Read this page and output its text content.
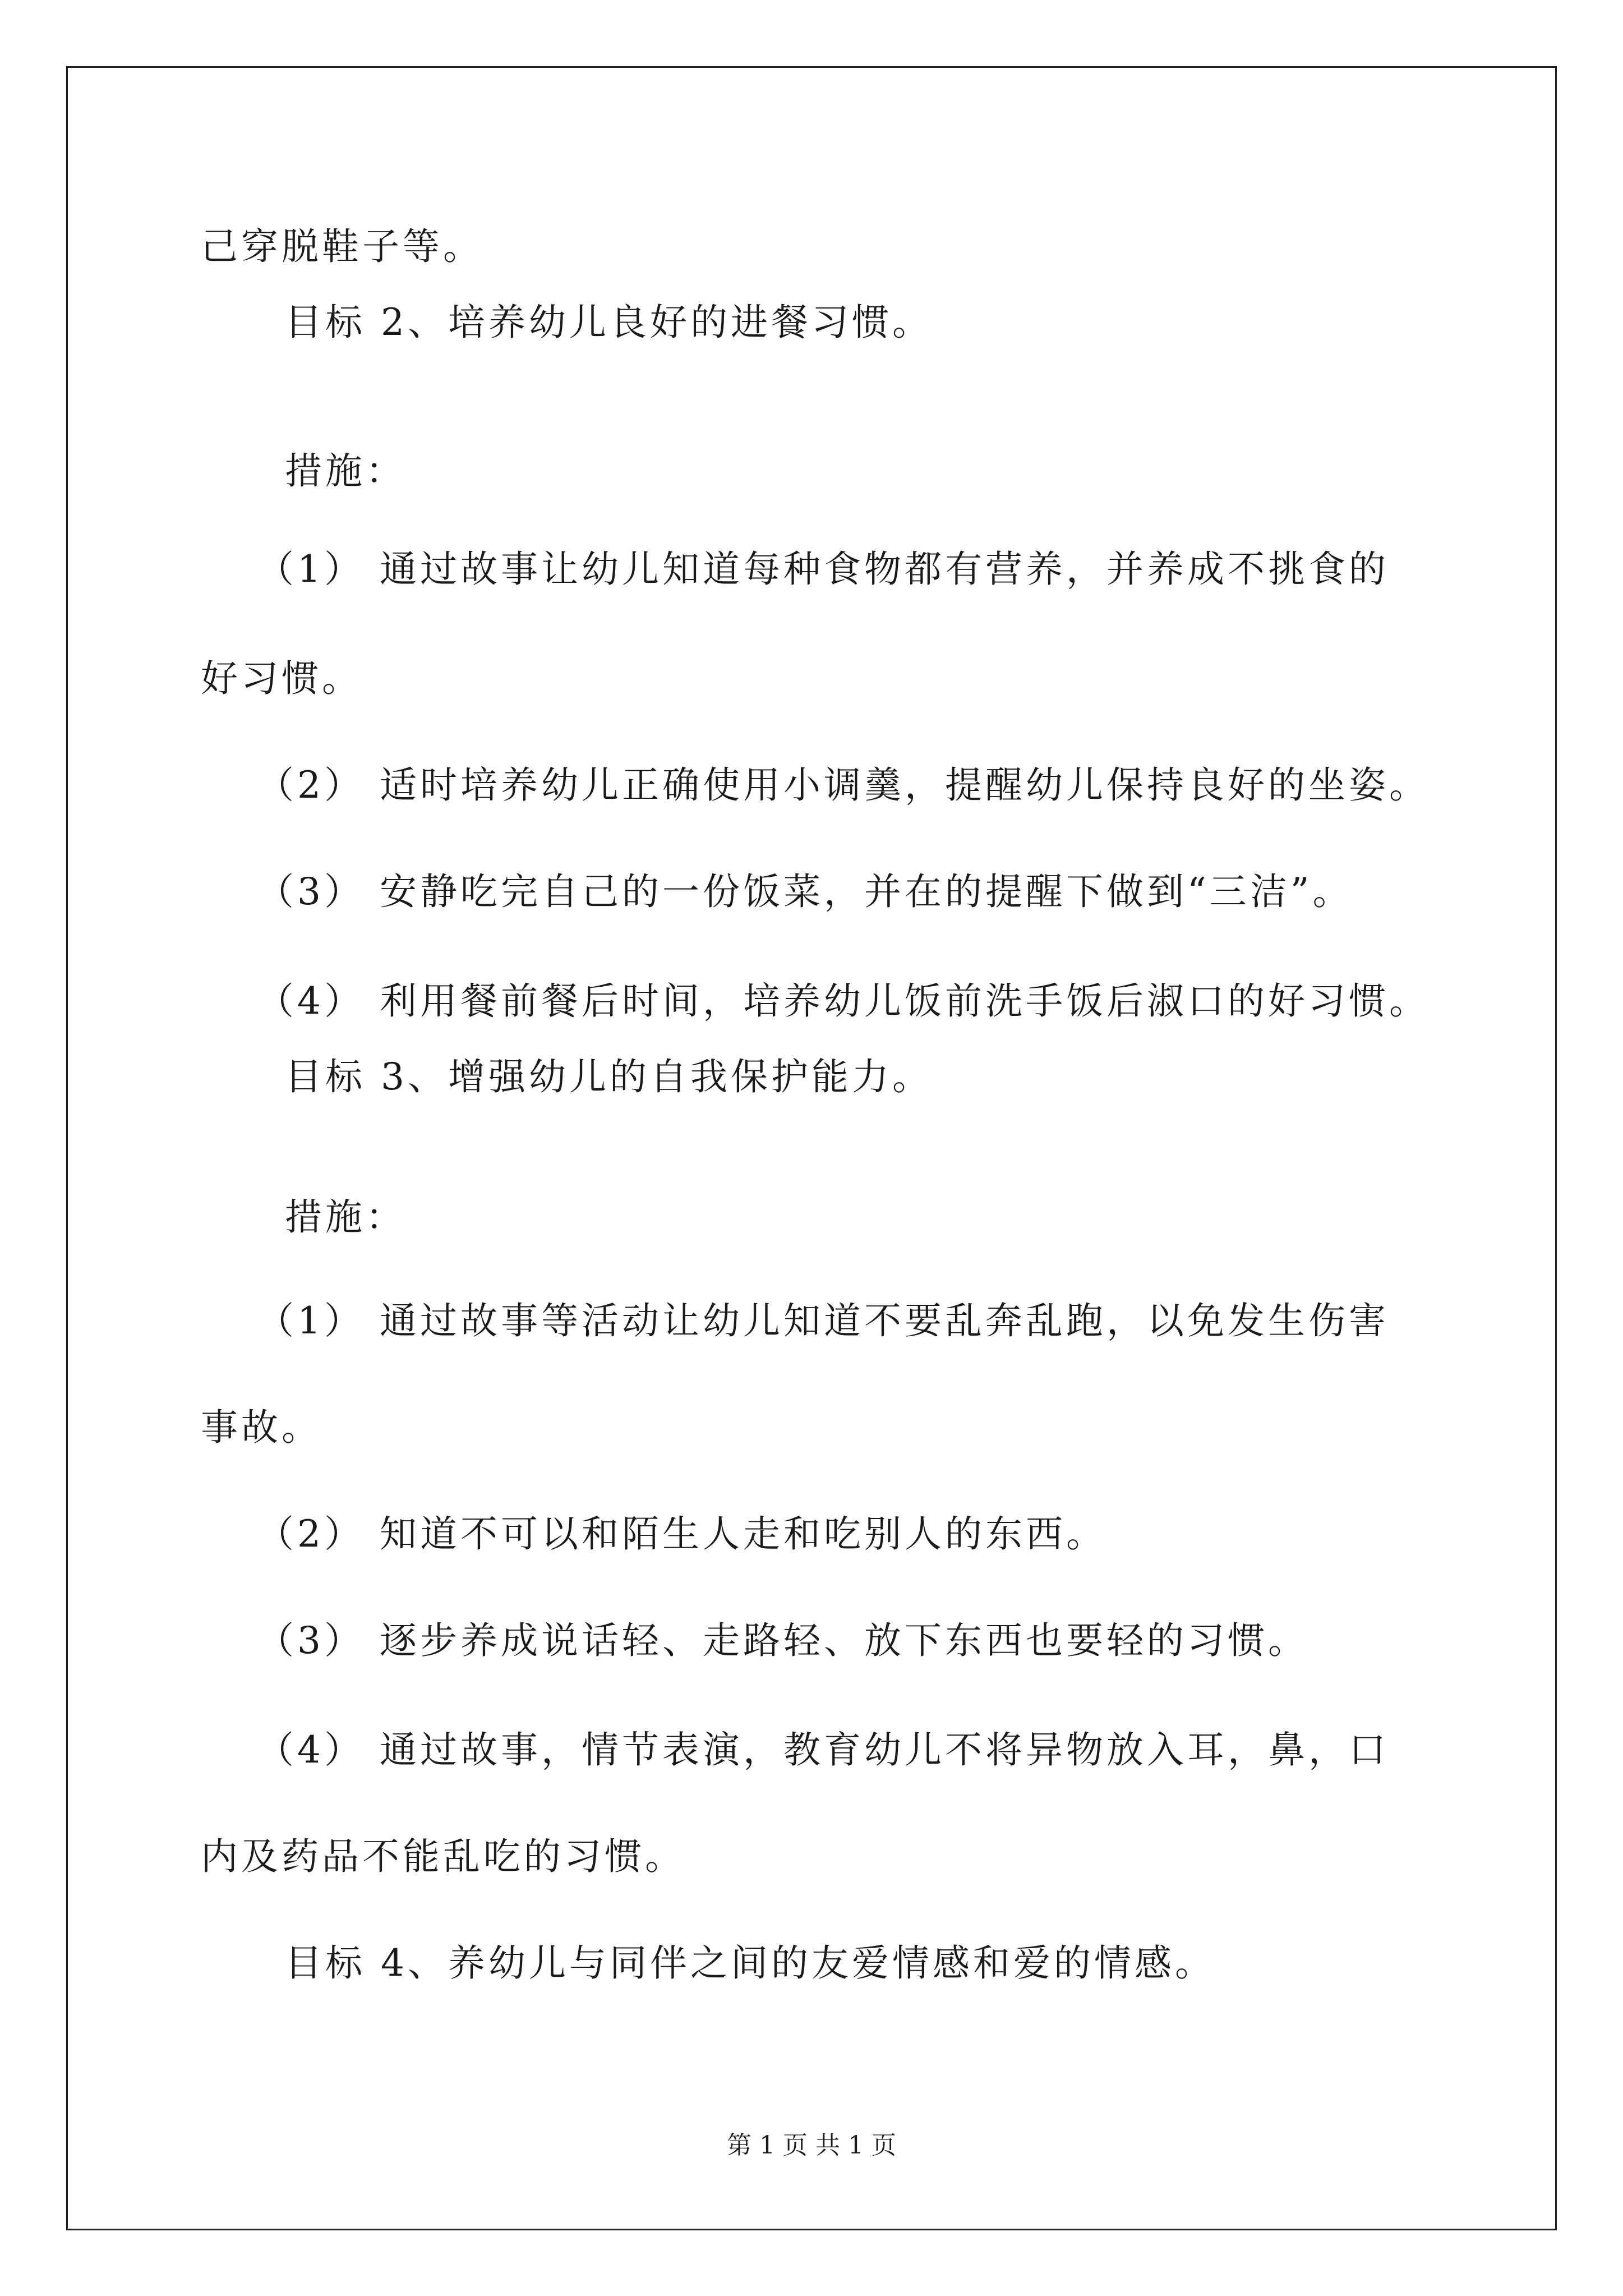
己穿脱鞋子等。
目标 2、培养幼儿良好的进餐习惯。
措施：
（1） 通过故事让幼儿知道每种食物都有营养，并养成不挑食的
好习惯。
（2） 适时培养幼儿正确使用小调羹，提醒幼儿保持良好的坐姿。
（3） 安静吃完自己的一份饭菜，并在的提醒下做到“三洁”。
（4） 利用餐前餐后时间，培养幼儿饭前洗手饭后淑口的好习惯。
目标 3、增强幼儿的自我保护能力。
措施：
（1） 通过故事等活动让幼儿知道不要乱奔乱跑，以免发生伤害
事故。
（2） 知道不可以和陌生人走和吃别人的东西。
（3） 逐步养成说话轻、走路轻、放下东西也要轻的习惯。
（4） 通过故事，情节表演，教育幼儿不将异物放入耳，鼻，口
内及药品不能乱吃的习惯。
目标 4、养幼儿与同伴之间的友爱情感和爱的情感。
第 1 页 共 1 页
